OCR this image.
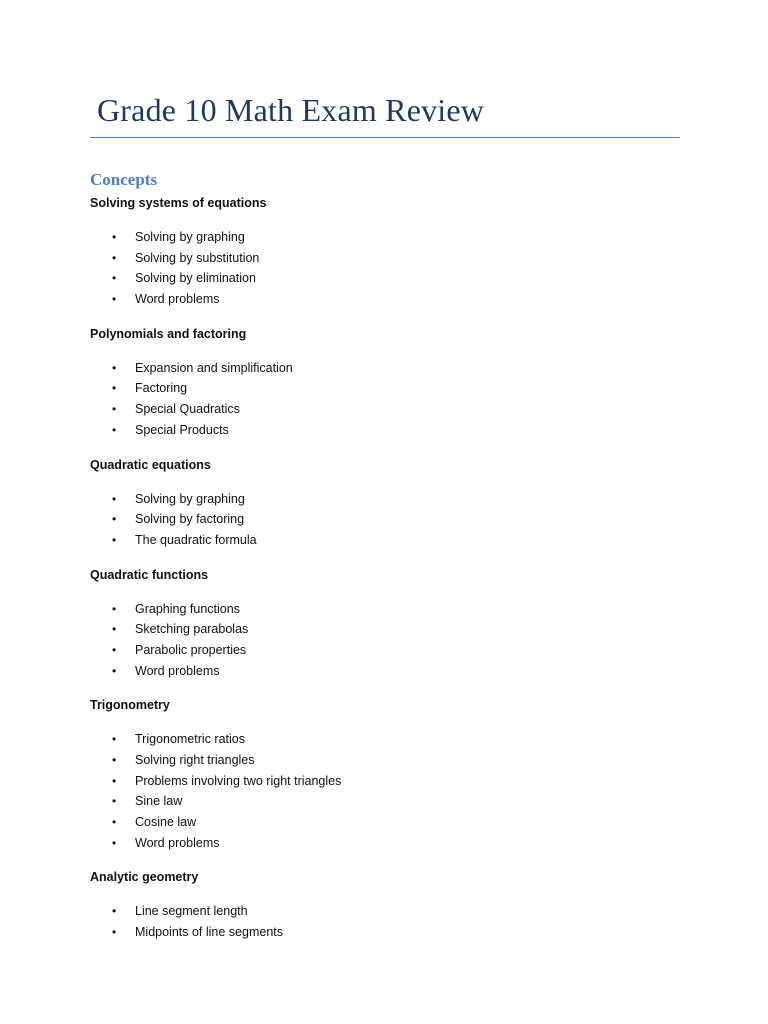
Grade 10 Math Exam Review
Concepts
Solving systems of equations
• Solving by graphing
• Solving by substitution
• Solving by elimination
• Word problems
Polynomials and factoring
• Expansion and simplification
• Factoring
• Special Quadratics
• Special Products
Quadratic equations
• Solving by graphing
• Solving by factoring
• The quadratic formula
Quadratic functions
• Graphing functions
• Sketching parabolas
• Parabolic properties
• Word problems
Trigonometry
• Trigonometric ratios
• Solving right triangles
• Problems involving two right triangles
• Sine law
• Cosine law
• Word problems
Analytic geometry
• Line segment length
• Midpoints of line segments
